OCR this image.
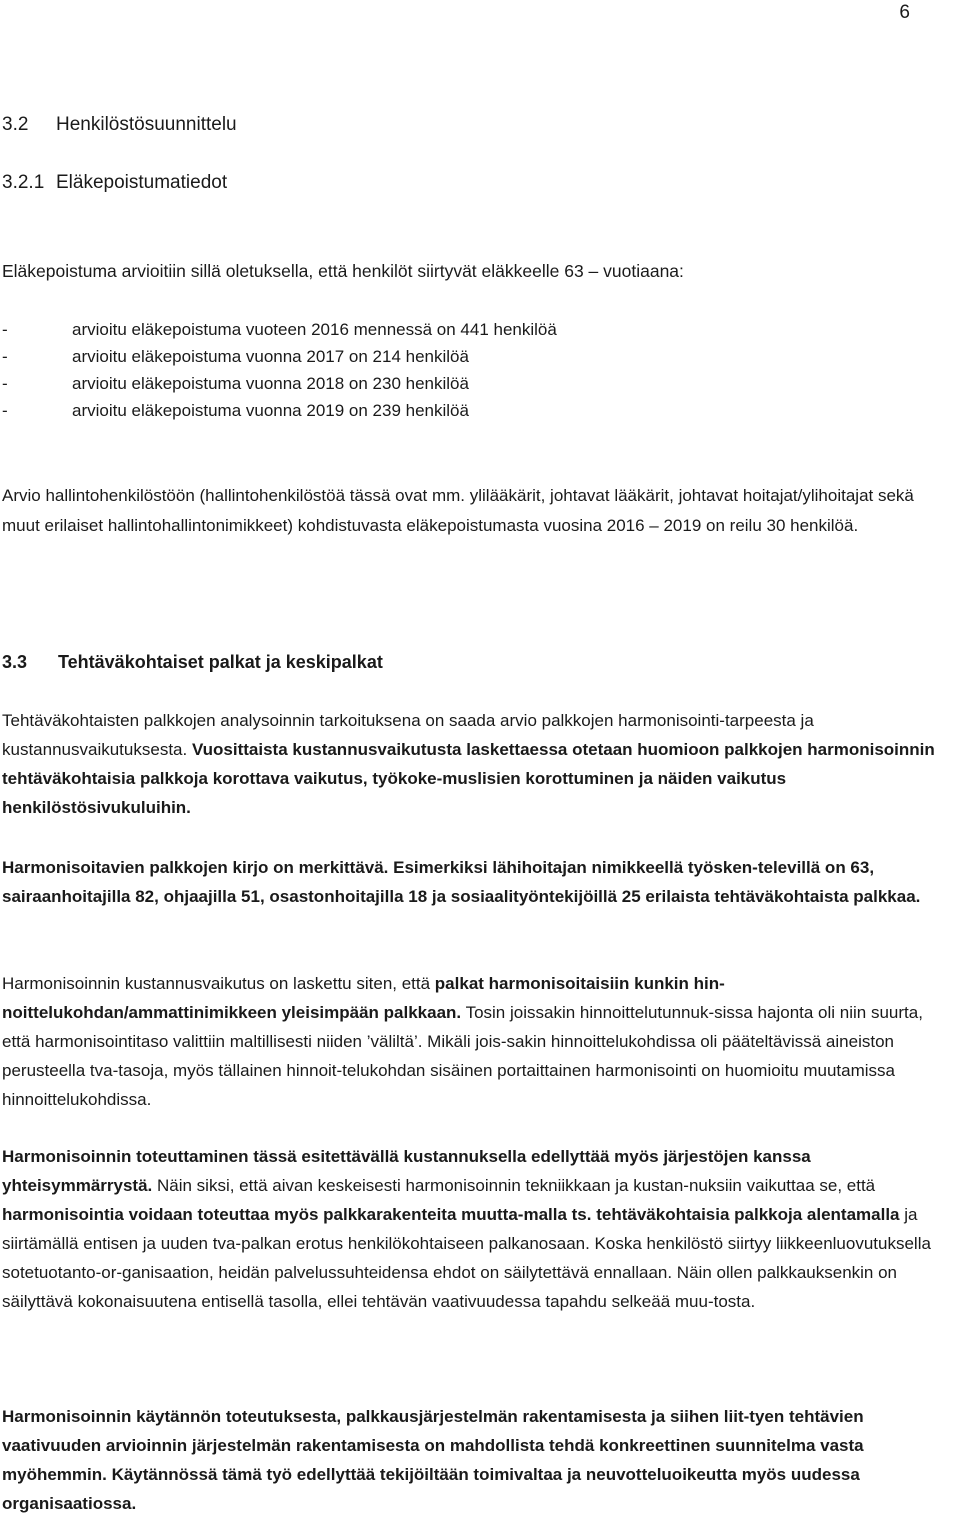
6
3.2 Henkilöstösuunnittelu
3.2.1 Eläkepoistumatiedot

Eläkepoistuma arvioitiin sillä oletuksella, että henkilöt siirtyvät eläkkeelle 63 – vuotiaana:

-	arvioitu eläkepoistuma vuoteen 2016 mennessä on 441 henkilöä
-	arvioitu eläkepoistuma vuonna 2017 on 214 henkilöä
-	arvioitu eläkepoistuma vuonna 2018 on 230 henkilöä
-	arvioitu eläkepoistuma vuonna 2019 on 239 henkilöä

Arvio hallintohenkilöstöön (hallintohenkilöstöä tässä ovat mm. ylilääkärit, johtavat lääkärit, johtavat hoitajat/ylihoitajat sekä muut erilaiset hallintohallintonimikkeet) kohdistuvasta eläkepoistumasta vuosina 2016 – 2019 on reilu 30 henkilöä.

3.3 Tehtäväkohtaiset palkat ja keskipalkat

Tehtäväkohtaisten palkkojen analysoinnin tarkoituksena on saada arvio palkkojen harmonisointi-tarpeesta ja kustannusvaikutuksesta. Vuosittaista kustannusvaikutusta laskettaessa otetaan huomioon palkkojen harmonisoinnin tehtäväkohtaisia palkkoja korottava vaikutus, työkoke-muslisien korottuminen ja näiden vaikutus henkilöstösivukuluihin.

Harmonisoitavien palkkojen kirjo on merkittävä. Esimerkiksi lähihoitajan nimikkeellä työsken-televillä on 63, sairaanhoitajilla 82, ohjaajilla 51, osastonhoitajilla 18 ja sosiaalityöntekijöillä 25 erilaista tehtäväkohtaista palkkaa.

Harmonisoinnin kustannusvaikutus on laskettu siten, että palkat harmonisoitaisiin kunkin hin-noittelukohdan/ammattinimikkeen yleisimpään palkkaan. Tosin joissakin hinnoittelutunnuk-sissa hajonta oli niin suurta, että harmonisointitaso valittiin maltillisesti niiden ’väliltä’. Mikäli jois-sakin hinnoittelukohdissa oli pääteltävissä aineiston perusteella tva-tasoja, myös tällainen hinnoit-telukohdan sisäinen portaittainen harmonisointi on huomioitu muutamissa hinnoittelukohdissa.

Harmonisoinnin toteuttaminen tässä esitettävällä kustannuksella edellyttää myös järjestöjen kanssa yhteisymmärrystä. Näin siksi, että aivan keskeisesti harmonisoinnin tekniikkaan ja kustan-nuksiin vaikuttaa se, että harmonisointia voidaan toteuttaa myös palkkarakenteita muutta-malla ts. tehtäväkohtaisia palkkoja alentamalla ja siirtämällä entisen ja uuden tva-palkan erotus henkilökohtaiseen palkanosaan. Koska henkilöstö siirtyy liikkeenluovutuksella sotetuotanto-or-ganisaation, heidän palvelussuhteidensa ehdot on säilytettävä ennallaan. Näin ollen palkkauksenkin on säilyttävä kokonaisuutena entisellä tasolla, ellei tehtävän vaativuudessa tapahdu selkeää muu-tosta.

Harmonisoinnin käytännön toteutuksesta, palkkausjärjestelmän rakentamisesta ja siihen liit-tyen tehtävien vaativuuden arvioinnin järjestelmän rakentamisesta on mahdollista tehdä konkreettinen suunnitelma vasta myöhemmin. Käytännössä tämä työ edellyttää tekijöiltään toimivaltaa ja neuvotteluoikeutta myös uudessa organisaatiossa.
